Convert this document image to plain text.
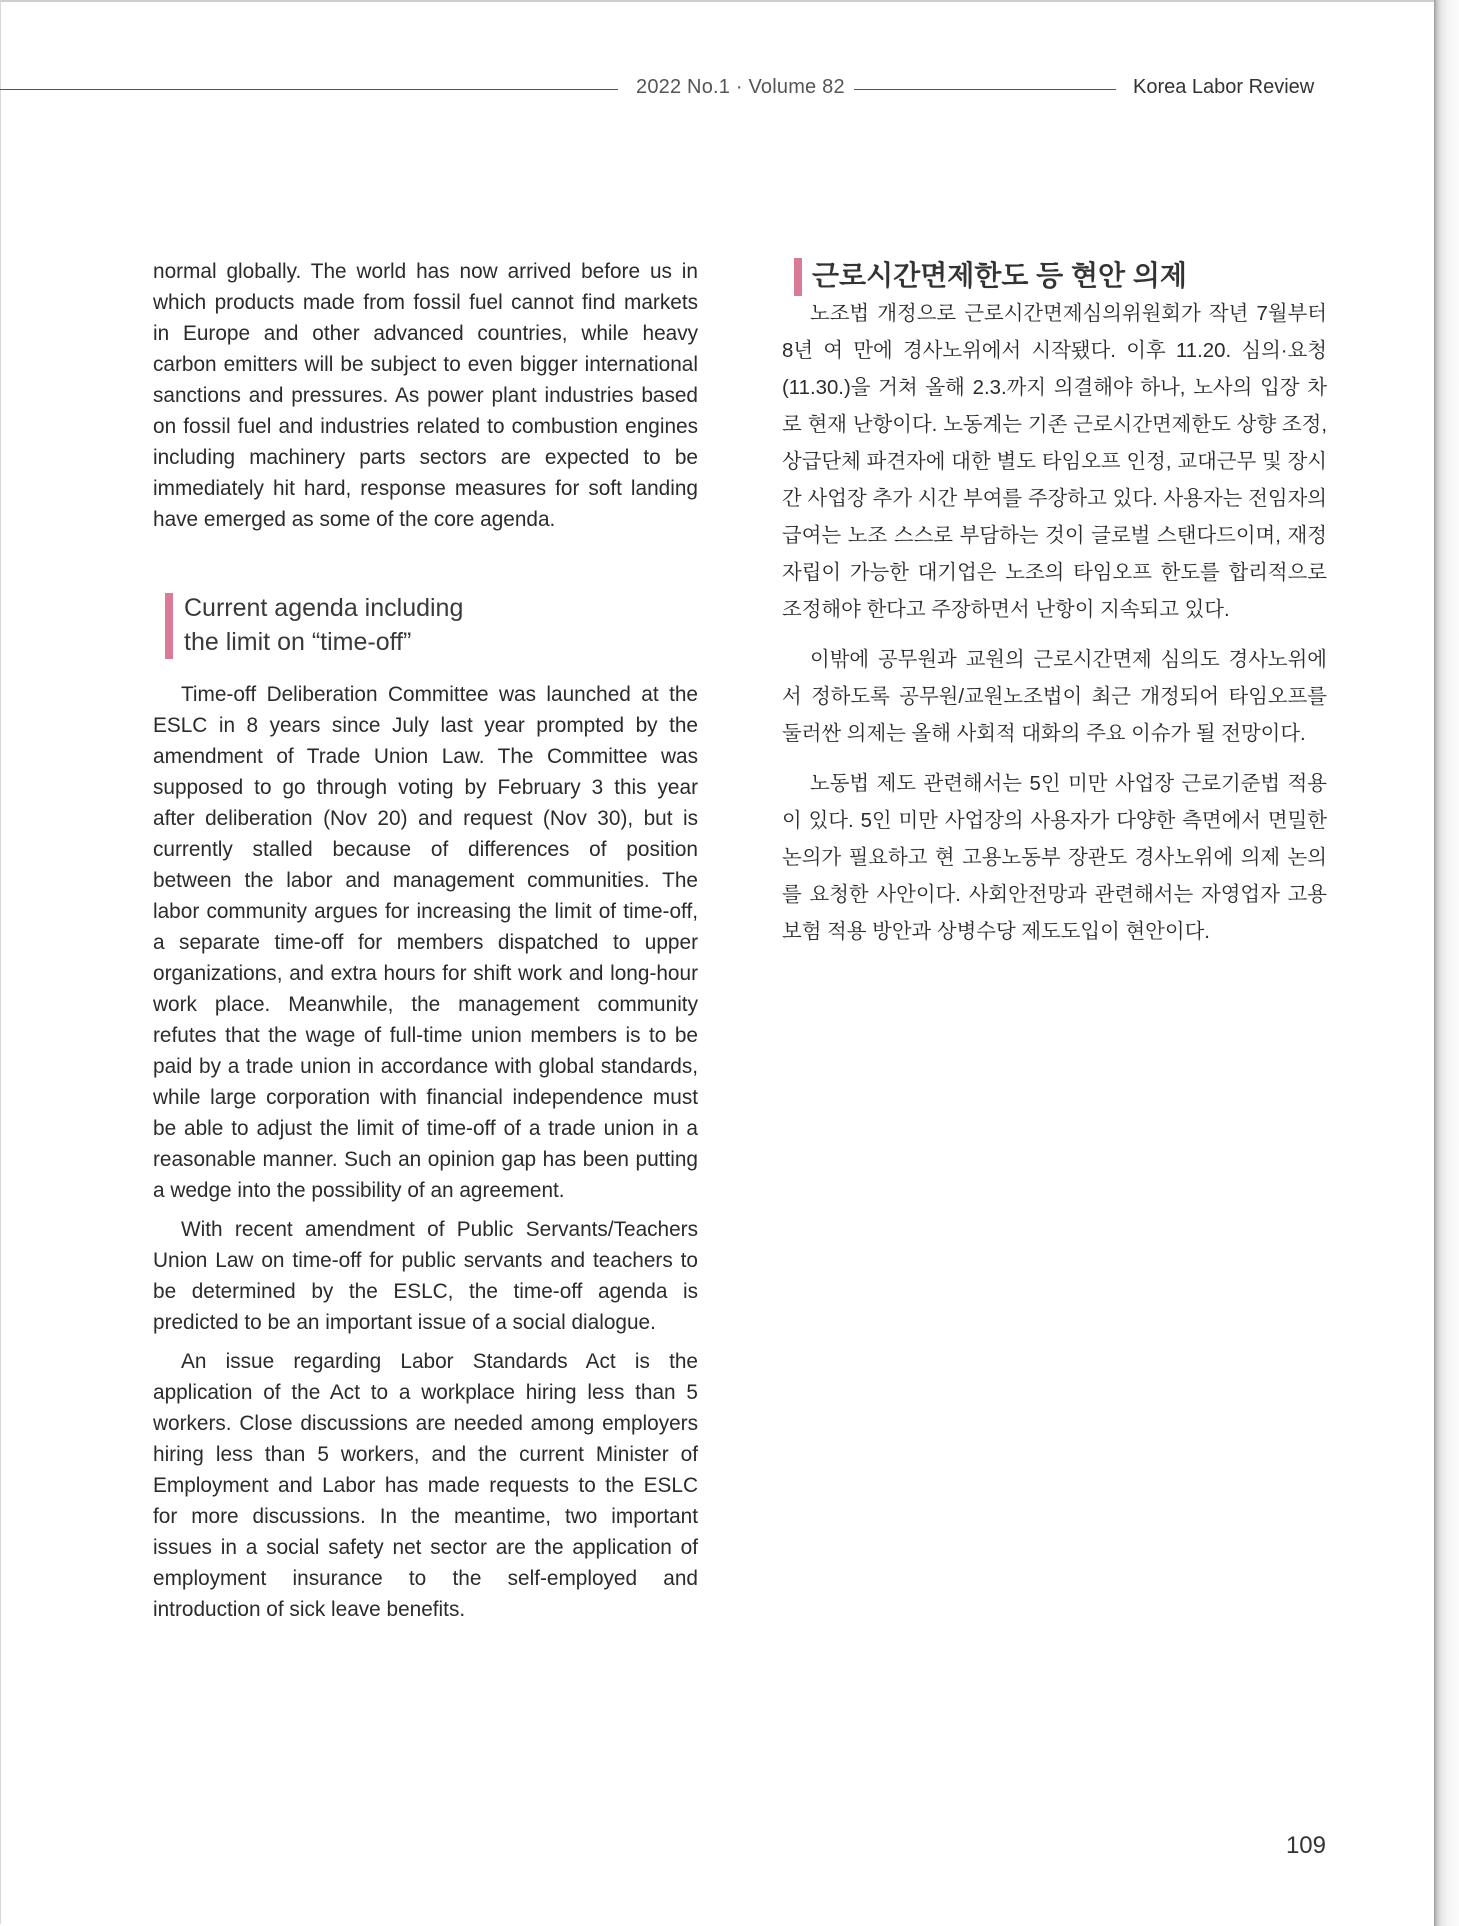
2022 No.1 · Volume 82	Korea Labor Review

normal globally. The world has now arrived before us in which products made from fossil fuel cannot find markets in Europe and other advanced countries, while heavy carbon emitters will be subject to even bigger international sanctions and pressures. As power plant industries based on fossil fuel and industries related to combustion engines including machinery parts sectors are expected to be immediately hit hard, response measures for soft landing have emerged as some of the core agenda.

Current agenda including
the limit on “time-off”

Time-off Deliberation Committee was launched at the ESLC in 8 years since July last year prompted by the amendment of Trade Union Law. The Committee was supposed to go through voting by February 3 this year after deliberation (Nov 20) and request (Nov 30), but is currently stalled because of differences of position between the labor and management communities. The labor community argues for increasing the limit of time-off, a separate time-off for members dispatched to upper organizations, and extra hours for shift work and long-hour work place. Meanwhile, the management community refutes that the wage of full-time union members is to be paid by a trade union in accordance with global standards, while large corporation with financial independence must be able to adjust the limit of time-off of a trade union in a reasonable manner. Such an opinion gap has been putting a wedge into the possibility of an agreement.

With recent amendment of Public Servants/Teachers Union Law on time-off for public servants and teachers to be determined by the ESLC, the time-off agenda is predicted to be an important issue of a social dialogue.

An issue regarding Labor Standards Act is the application of the Act to a workplace hiring less than 5 workers. Close discussions are needed among employers hiring less than 5 workers, and the current Minister of Employment and Labor has made requests to the ESLC for more discussions. In the meantime, two important issues in a social safety net sector are the application of employment insurance to the self-employed and introduction of sick leave benefits.

근로시간면제한도 등 현안 의제

노조법 개정으로 근로시간면제심의위원회가 작년 7월부터 8년 여 만에 경사노위에서 시작됐다. 이후 11.20. 심의·요청(11.30.)을 거쳐 올해 2.3.까지 의결해야 하나, 노사의 입장 차로 현재 난항이다. 노동계는 기존 근로시간면제한도 상향 조정, 상급단체 파견자에 대한 별도 타임오프 인정, 교대근무 및 장시간 사업장 추가 시간 부여를 주장하고 있다. 사용자는 전임자의 급여는 노조 스스로 부담하는 것이 글로벌 스탠다드이며, 재정자립이 가능한 대기업은 노조의 타임오프 한도를 합리적으로 조정해야 한다고 주장하면서 난항이 지속되고 있다.

이밖에 공무원과 교원의 근로시간면제 심의도 경사노위에서 정하도록 공무원/교원노조법이 최근 개정되어 타임오프를 둘러싼 의제는 올해 사회적 대화의 주요 이슈가 될 전망이다.

노동법 제도 관련해서는 5인 미만 사업장 근로기준법 적용이 있다. 5인 미만 사업장의 사용자가 다양한 측면에서 면밀한 논의가 필요하고 현 고용노동부 장관도 경사노위에 의제 논의를 요청한 사안이다. 사회안전망과 관련해서는 자영업자 고용보험 적용 방안과 상병수당 제도도입이 현안이다.

109
